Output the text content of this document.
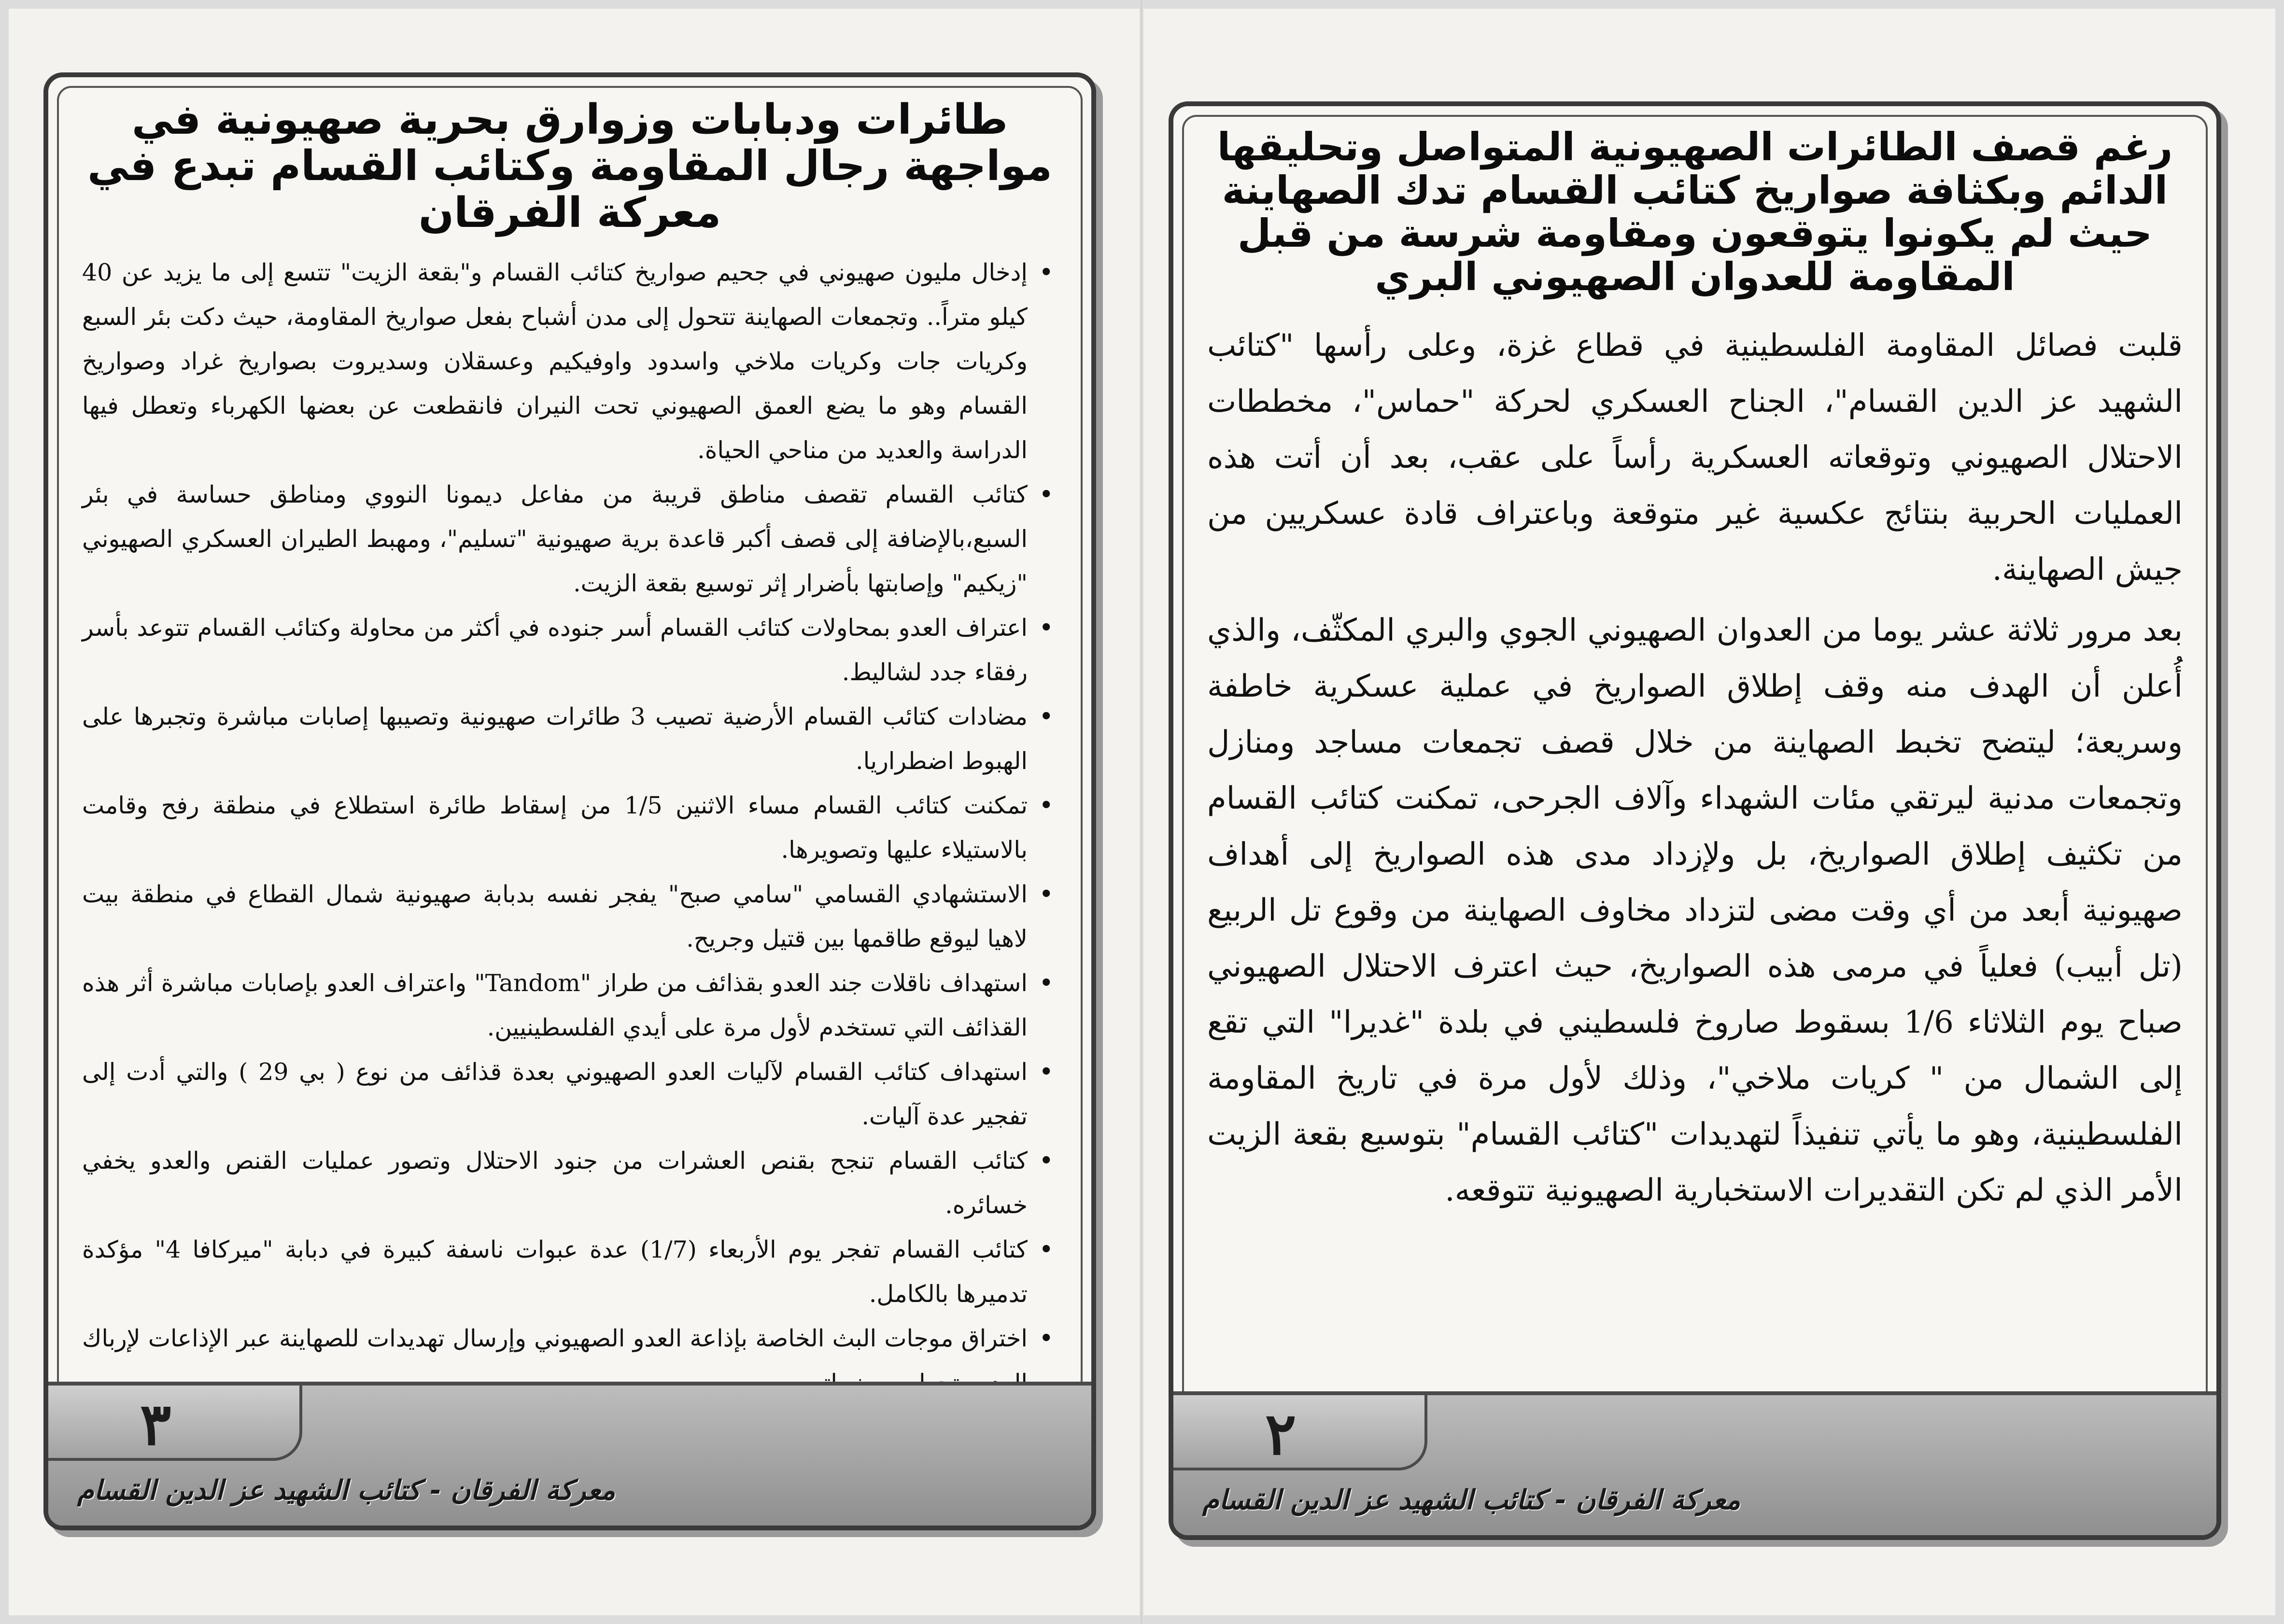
طائرات ودبابات وزوارق بحرية صهيونية في مواجهة رجال المقاومة وكتائب القسام تبدع في معركة الفرقان
• إدخال مليون صهيوني في جحيم صواريخ كتائب القسام و"بقعة الزيت" تتسع إلى ما يزيد عن 40 كيلو متراً.. وتجمعات الصهاينة تتحول إلى مدن أشباح بفعل صواريخ المقاومة، حيث دكت بئر السبع وكريات جات وكريات ملاخي واسدود واوفيكيم وعسقلان وسديروت بصواريخ غراد وصواريخ القسام وهو ما يضع العمق الصهيوني تحت النيران فانقطعت عن بعضها الكهرباء وتعطل فيها الدراسة والعديد من مناحي الحياة.
• كتائب القسام تقصف مناطق قريبة من مفاعل ديمونا النووي ومناطق حساسة في بئر السبع،بالإضافة إلى قصف أكبر قاعدة برية صهيونية "تسليم"، ومهبط الطيران العسكري الصهيوني "زيكيم" وإصابتها بأضرار إثر توسيع بقعة الزيت.
• اعتراف العدو بمحاولات كتائب القسام أسر جنوده في أكثر من محاولة وكتائب القسام تتوعد بأسر رفقاء جدد لشاليط.
• مضادات كتائب القسام الأرضية تصيب 3 طائرات صهيونية وتصيبها إصابات مباشرة وتجبرها على الهبوط اضطراريا.
• تمكنت كتائب القسام مساء الاثنين 1/5 من إسقاط طائرة استطلاع في منطقة رفح وقامت بالاستيلاء عليها وتصويرها.
• الاستشهادي القسامي "سامي صبح" يفجر نفسه بدبابة صهيونية شمال القطاع في منطقة بيت لاهيا ليوقع طاقمها بين قتيل وجريح.
• استهداف ناقلات جند العدو بقذائف من طراز "Tandom" واعتراف العدو بإصابات مباشرة أثر هذه القذائف التي تستخدم لأول مرة على أيدي الفلسطينيين.
• استهداف كتائب القسام لآليات العدو الصهيوني بعدة قذائف من نوع ( بي 29 ) والتي أدت إلى تفجير عدة آليات.
• كتائب القسام تنجح بقنص العشرات من جنود الاحتلال وتصور عمليات القنص والعدو يخفي خسائره.
• كتائب القسام تفجر يوم الأربعاء (1/7) عدة عبوات ناسفة كبيرة في دبابة "ميركافا 4" مؤكدة تدميرها بالكامل.
• اختراق موجات البث الخاصة بإذاعة العدو الصهيوني وإرسال تهديدات للصهاينة عبر الإذاعات لإرباك
٣
معركة الفرقان - كتائب الشهيد عز الدين القسام
رغم قصف الطائرات الصهيونية المتواصل وتحليقها الدائم وبكثافة صواريخ كتائب القسام تدك الصهاينة حيث لم يكونوا يتوقعون ومقاومة شرسة من قبل المقاومة للعدوان الصهيوني البري

قلبت فصائل المقاومة الفلسطينية في قطاع غزة، وعلى رأسها "كتائب الشهيد عز الدين القسام"، الجناح العسكري لحركة "حماس"، مخططات الاحتلال الصهيوني وتوقعاته العسكرية رأساً على عقب، بعد أن أتت هذه العمليات الحربية بنتائج عكسية غير متوقعة وباعتراف قادة عسكريين من جيش الصهاينة.

بعد مرور ثلاثة عشر يوما من العدوان الصهيوني الجوي والبري المكثّف، والذي أُعلن أن الهدف منه وقف إطلاق الصواريخ في عملية عسكرية خاطفة وسريعة؛ ليتضح تخبط الصهاينة من خلال قصف تجمعات مساجد ومنازل وتجمعات مدنية ليرتقي مئات الشهداء وآلاف الجرحى، تمكنت كتائب القسام من تكثيف إطلاق الصواريخ، بل ولإزداد مدى هذه الصواريخ إلى أهداف صهيونية أبعد من أي وقت مضى لتزداد مخاوف الصهاينة من وقوع تل الربيع (تل أبيب) فعلياً في مرمى هذه الصواريخ، حيث اعترف الاحتلال الصهيوني صباح يوم الثلاثاء 1/6 بسقوط صاروخ فلسطيني في بلدة "غديرا" التي تقع إلى الشمال من " كريات ملاخي"، وذلك لأول مرة في تاريخ المقاومة الفلسطينية، وهو ما يأتي تنفيذاً لتهديدات "كتائب القسام" بتوسيع بقعة الزيت الأمر الذي لم تكن التقديرات الاستخبارية الصهيونية تتوقعه.

٢
معركة الفرقان - كتائب الشهيد عز الدين القسام
